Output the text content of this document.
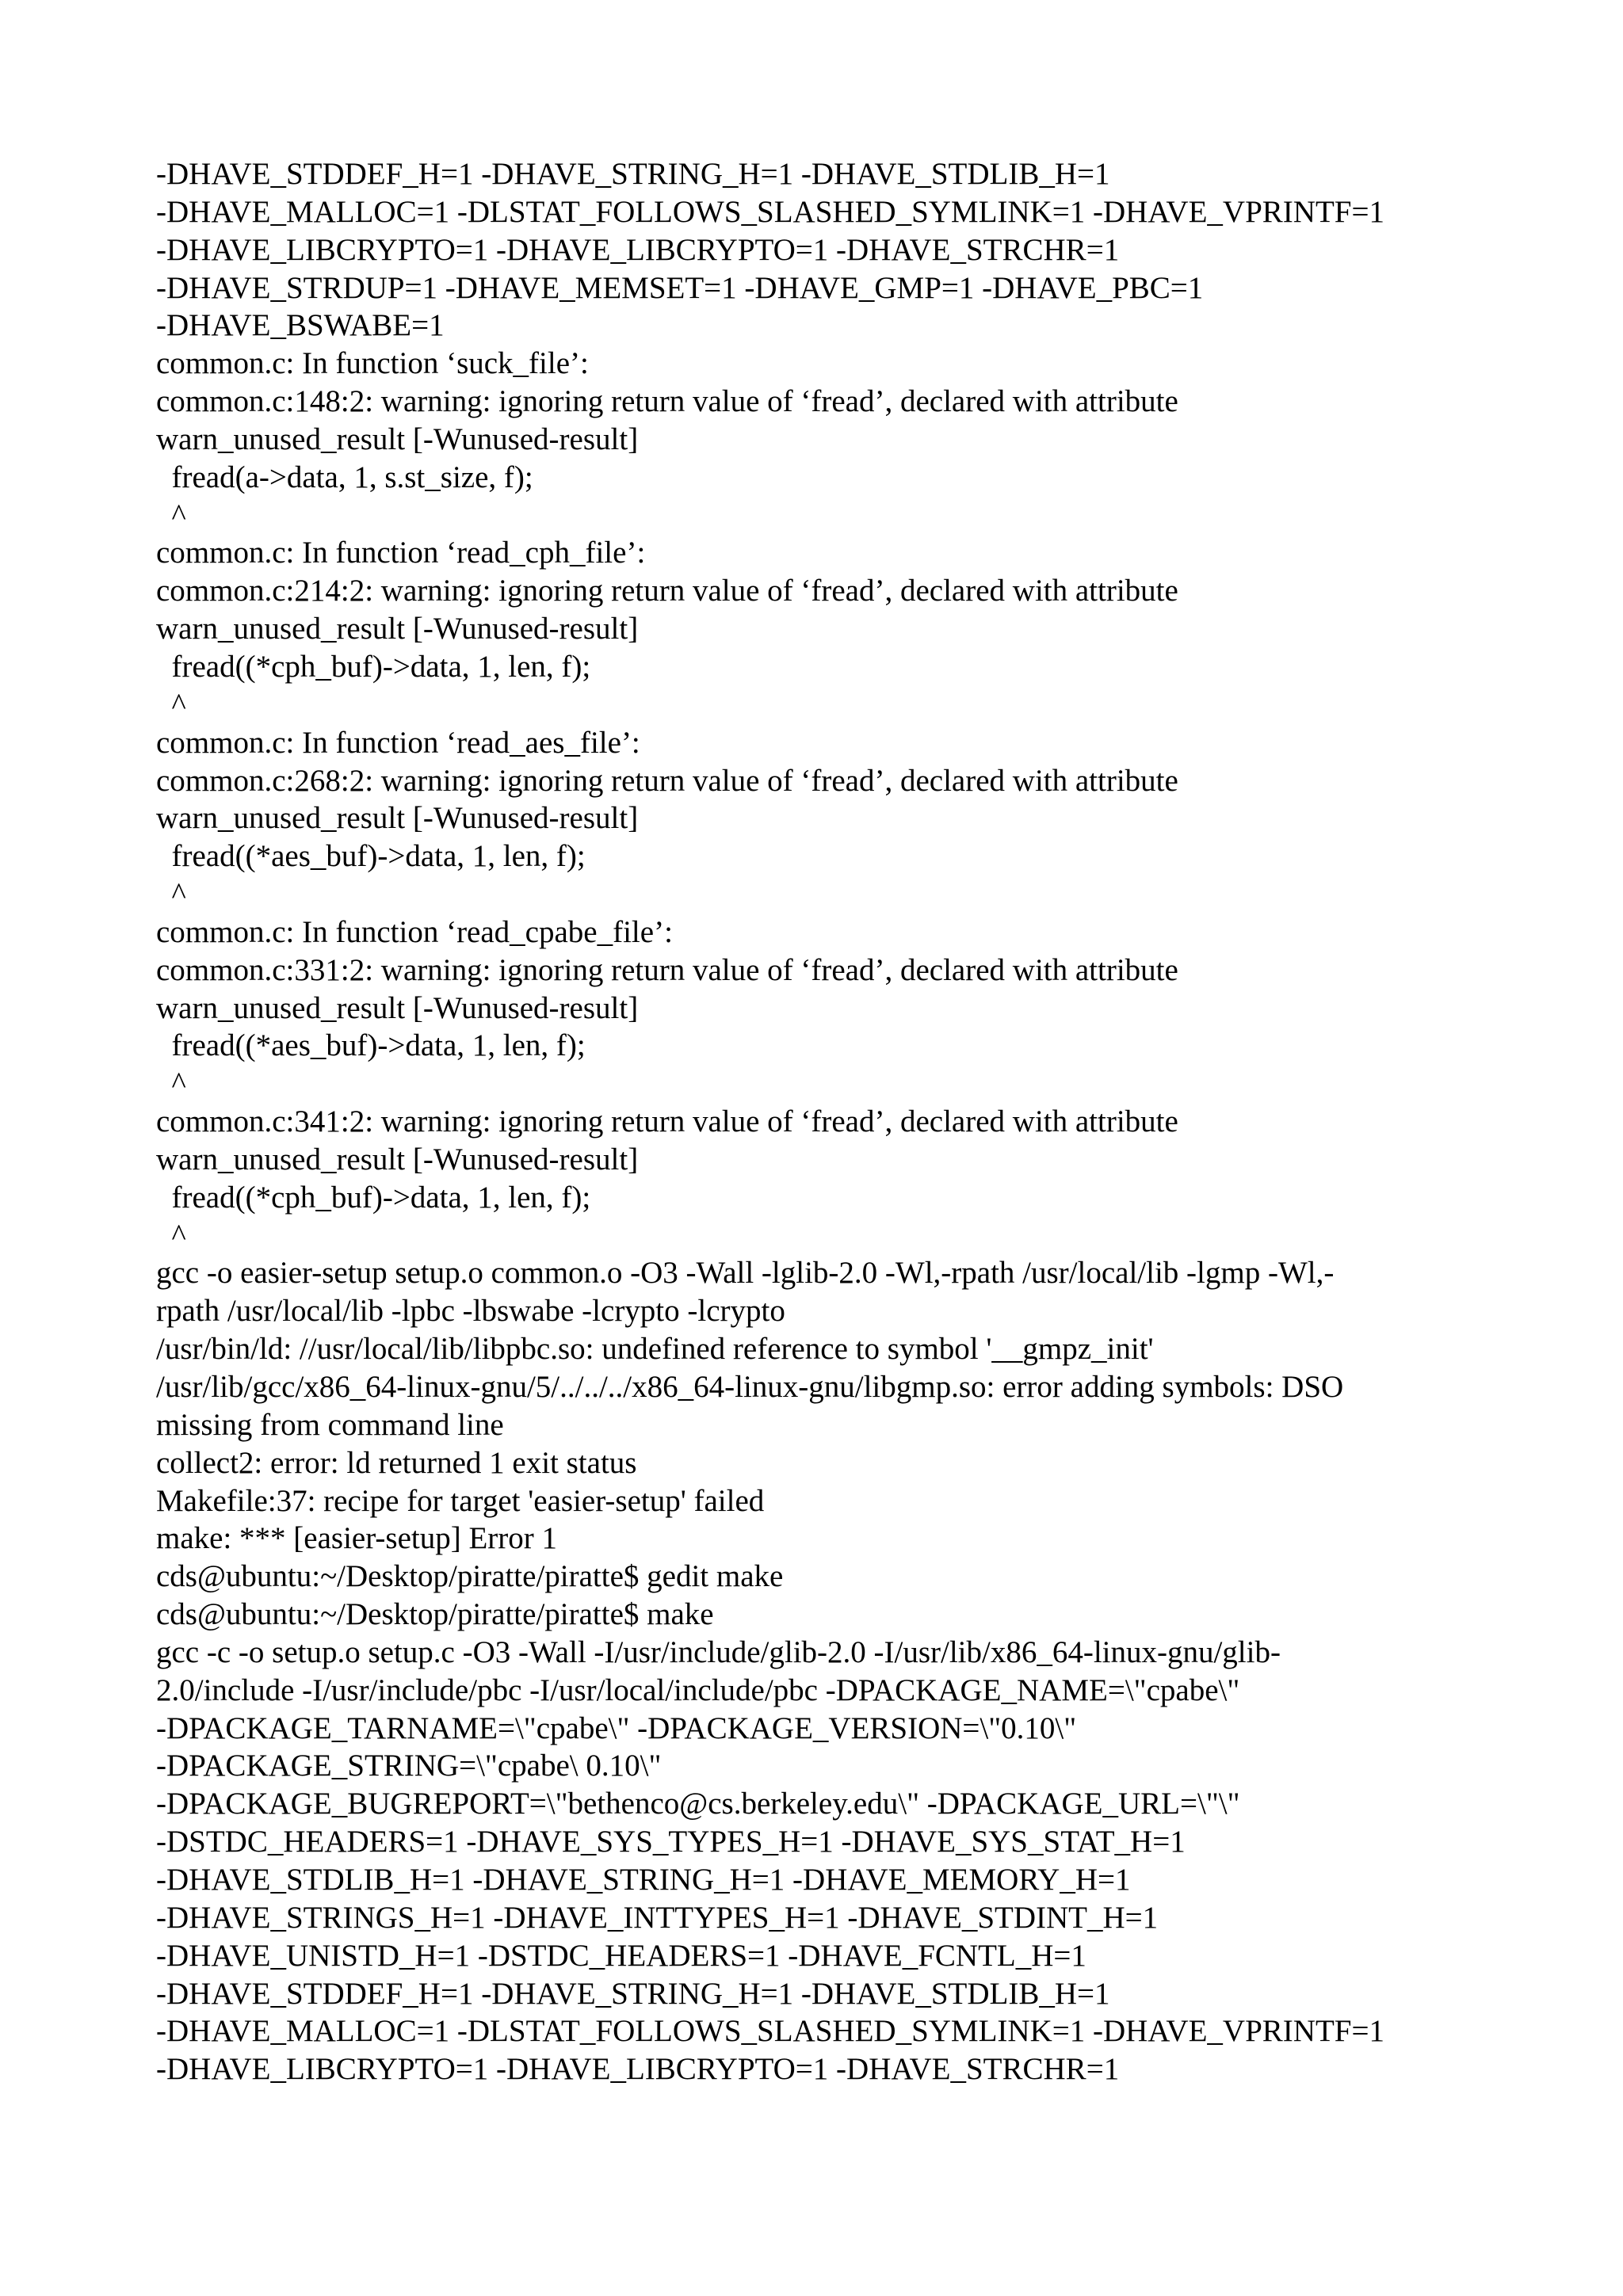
-DHAVE_STDDEF_H=1 -DHAVE_STRING_H=1 -DHAVE_STDLIB_H=1
-DHAVE_MALLOC=1 -DLSTAT_FOLLOWS_SLASHED_SYMLINK=1 -DHAVE_VPRINTF=1
-DHAVE_LIBCRYPTO=1 -DHAVE_LIBCRYPTO=1 -DHAVE_STRCHR=1
-DHAVE_STRDUP=1 -DHAVE_MEMSET=1 -DHAVE_GMP=1 -DHAVE_PBC=1
-DHAVE_BSWABE=1
common.c: In function ‘suck_file’:
common.c:148:2: warning: ignoring return value of ‘fread’, declared with attribute
warn_unused_result [-Wunused-result]
fread(a->data, 1, s.st_size, f);
^
common.c: In function ‘read_cph_file’:
common.c:214:2: warning: ignoring return value of ‘fread’, declared with attribute
warn_unused_result [-Wunused-result]
fread((*cph_buf)->data, 1, len, f);
^
common.c: In function ‘read_aes_file’:
common.c:268:2: warning: ignoring return value of ‘fread’, declared with attribute
warn_unused_result [-Wunused-result]
fread((*aes_buf)->data, 1, len, f);
^
common.c: In function ‘read_cpabe_file’:
common.c:331:2: warning: ignoring return value of ‘fread’, declared with attribute
warn_unused_result [-Wunused-result]
fread((*aes_buf)->data, 1, len, f);
^
common.c:341:2: warning: ignoring return value of ‘fread’, declared with attribute
warn_unused_result [-Wunused-result]
fread((*cph_buf)->data, 1, len, f);
^
gcc -o easier-setup setup.o common.o -O3 -Wall -lglib-2.0 -Wl,-rpath /usr/local/lib -lgmp -Wl,-
rpath /usr/local/lib -lpbc -lbswabe -lcrypto -lcrypto
/usr/bin/ld: //usr/local/lib/libpbc.so: undefined reference to symbol '__gmpz_init'
/usr/lib/gcc/x86_64-linux-gnu/5/../../../x86_64-linux-gnu/libgmp.so: error adding symbols: DSO
missing from command line
collect2: error: ld returned 1 exit status
Makefile:37: recipe for target 'easier-setup' failed
make: *** [easier-setup] Error 1
cds@ubuntu:~/Desktop/piratte/piratte$ gedit make
cds@ubuntu:~/Desktop/piratte/piratte$ make
gcc -c -o setup.o setup.c -O3 -Wall -I/usr/include/glib-2.0 -I/usr/lib/x86_64-linux-gnu/glib-
2.0/include -I/usr/include/pbc -I/usr/local/include/pbc -DPACKAGE_NAME=\"cpabe\"
-DPACKAGE_TARNAME=\"cpabe\" -DPACKAGE_VERSION=\"0.10\"
-DPACKAGE_STRING=\"cpabe\ 0.10\"
-DPACKAGE_BUGREPORT=\"bethenco@cs.berkeley.edu\" -DPACKAGE_URL=\"\"
-DSTDC_HEADERS=1 -DHAVE_SYS_TYPES_H=1 -DHAVE_SYS_STAT_H=1
-DHAVE_STDLIB_H=1 -DHAVE_STRING_H=1 -DHAVE_MEMORY_H=1
-DHAVE_STRINGS_H=1 -DHAVE_INTTYPES_H=1 -DHAVE_STDINT_H=1
-DHAVE_UNISTD_H=1 -DSTDC_HEADERS=1 -DHAVE_FCNTL_H=1
-DHAVE_STDDEF_H=1 -DHAVE_STRING_H=1 -DHAVE_STDLIB_H=1
-DHAVE_MALLOC=1 -DLSTAT_FOLLOWS_SLASHED_SYMLINK=1 -DHAVE_VPRINTF=1
-DHAVE_LIBCRYPTO=1 -DHAVE_LIBCRYPTO=1 -DHAVE_STRCHR=1
